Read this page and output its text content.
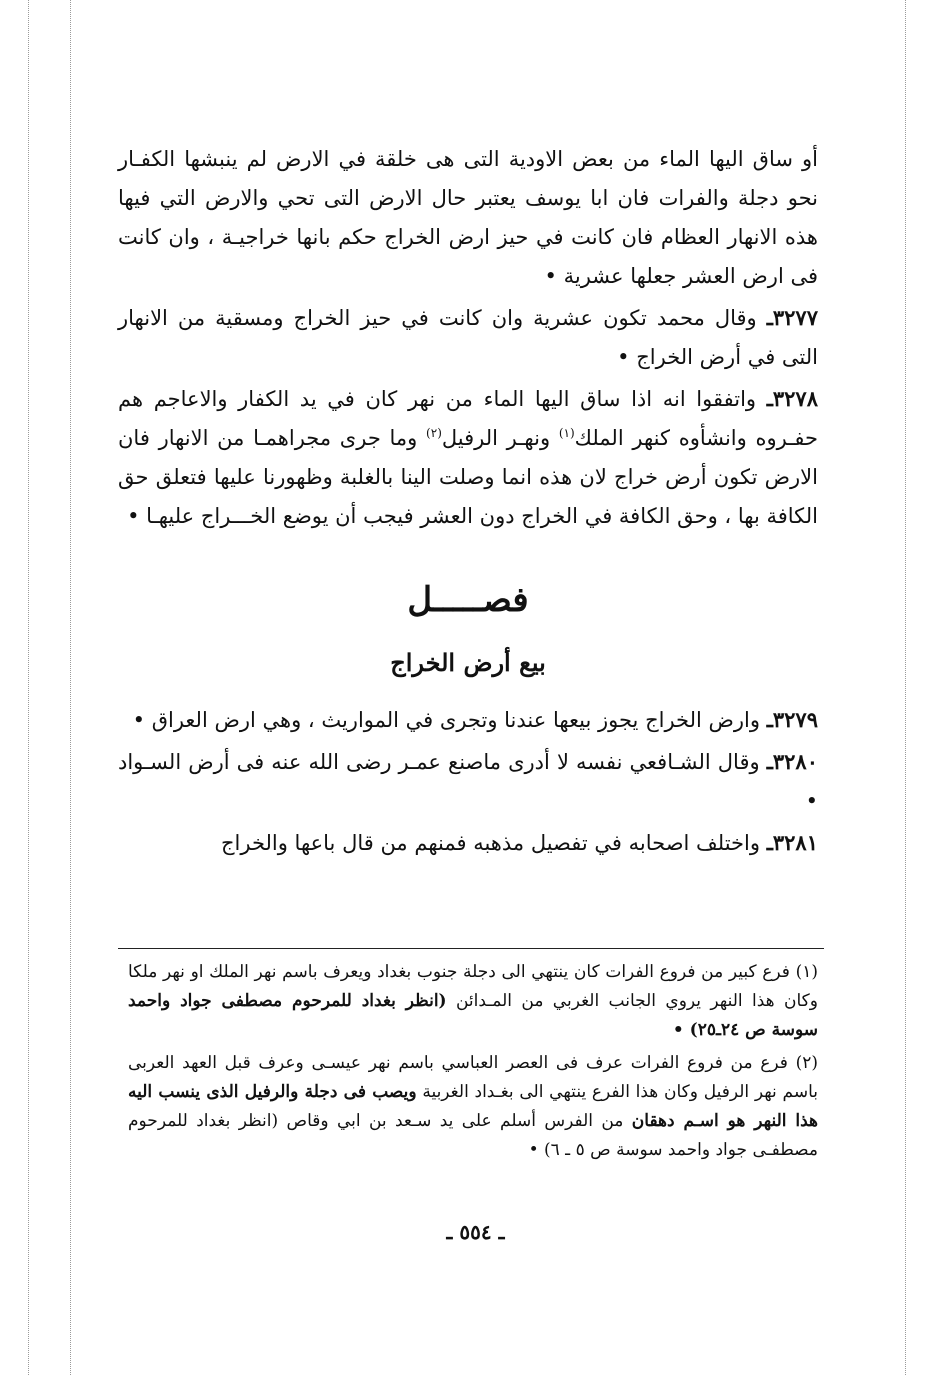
أو ساق اليها الماء من بعض الاودية التى هى خلقة في الارض لم ينبشها الكفـار نحو دجلة والفرات فان ابا يوسف يعتبر حال الارض التى تحي والارض التي فيها هذه الانهار العظام فان كانت في حيز ارض الخراج حكم بانها خراجيـة ، وان كانت فى ارض العشر جعلها عشرية •

٣٢٧٧ـ وقال محمد تكون عشرية وان كانت في حيز الخراج ومسقية من الانهار التى في أرض الخراج •

٣٢٧٨ـ واتفقوا انه اذا ساق اليها الماء من نهر كان في يد الكفار والاعاجم هم حفـروه وانشأوه كنهر الملك$^{(١)}$ ونهـر الرفيل$^{(٢)}$ وما جرى مجراهمـا من الانهار فان الارض تكون أرض خراج لان هذه انما وصلت الينا بالغلبة وظهورنا عليها فتعلق حق الكافة بها ، وحق الكافة في الخراج دون العشر فيجب أن يوضع الخـــراج عليهـا •

فصـــــل
بيع أرض الخراج

٣٢٧٩ـ وارض الخراج يجوز بيعها عندنا وتجرى في المواريث ، وهي ارض العراق •

٣٢٨٠ـ وقال الشـافعي نفسه لا أدرى ماصنع عمـر رضى الله عنه فى أرض السـواد •

٣٢٨١ـ واختلف اصحابه في تفصيل مذهبه فمنهم من قال باعها والخراج

(١) فرع كبير من فروع الفرات كان ينتهي الى دجلة جنوب بغداد ويعرف باسم نهر الملك او نهر ملكا وكان هذا النهر يروي الجانب الغربي من المـدائن (انظر بغداد للمرحوم مصطفى جواد واحمد سوسة ص ٢٤ـ٢٥) •

(٢) فرع من فروع الفرات عرف فى العصر العباسي باسم نهر عيسـى وعرف قبل العهد العربى باسم نهر الرفيل وكان هذا الفرع ينتهي الى بغـداد الغربية ويصب فى دجلة والرفيل الذى ينسب اليه هذا النهر هو اسـم دهقان من الفرس أسلم على يد سـعد بن ابي وقاص (انظر بغداد للمرحوم مصطفـى جواد واحمد سوسة ص ٥ ـ ٦) •

ـ ٥٥٤ ـ
